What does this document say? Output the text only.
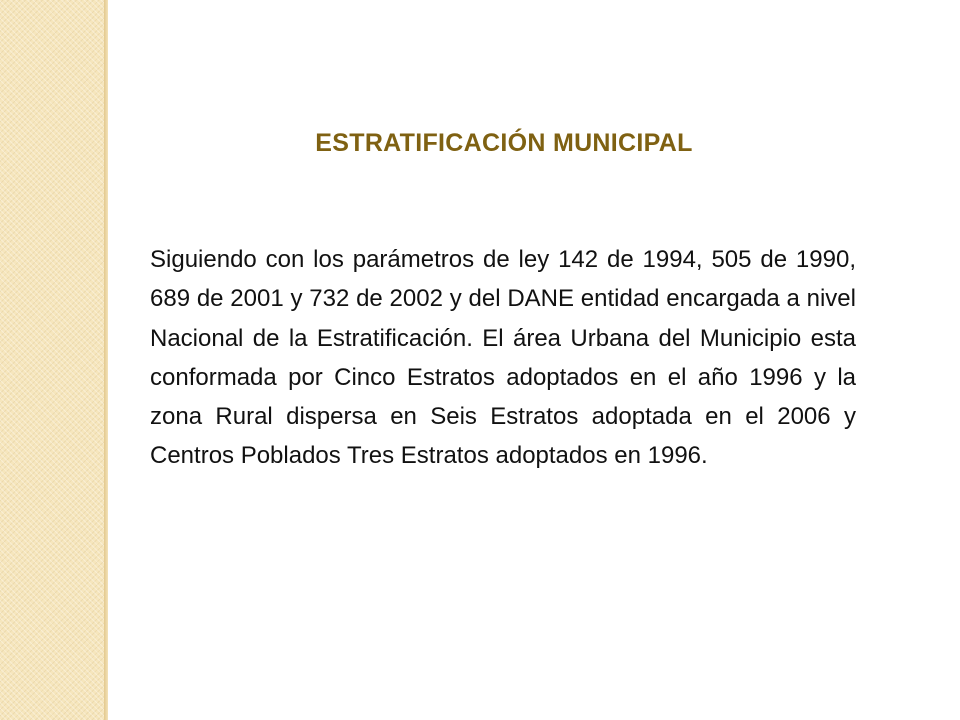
ESTRATIFICACIÓN MUNICIPAL

Siguiendo con los parámetros de ley 142 de 1994, 505 de 1990, 689 de 2001 y 732 de 2002 y del DANE entidad encargada a nivel Nacional de la Estratificación. El área Urbana del Municipio esta conformada por Cinco Estratos adoptados en el año 1996 y la zona Rural dispersa en Seis Estratos adoptada en el 2006 y Centros Poblados Tres Estratos adoptados en 1996.
